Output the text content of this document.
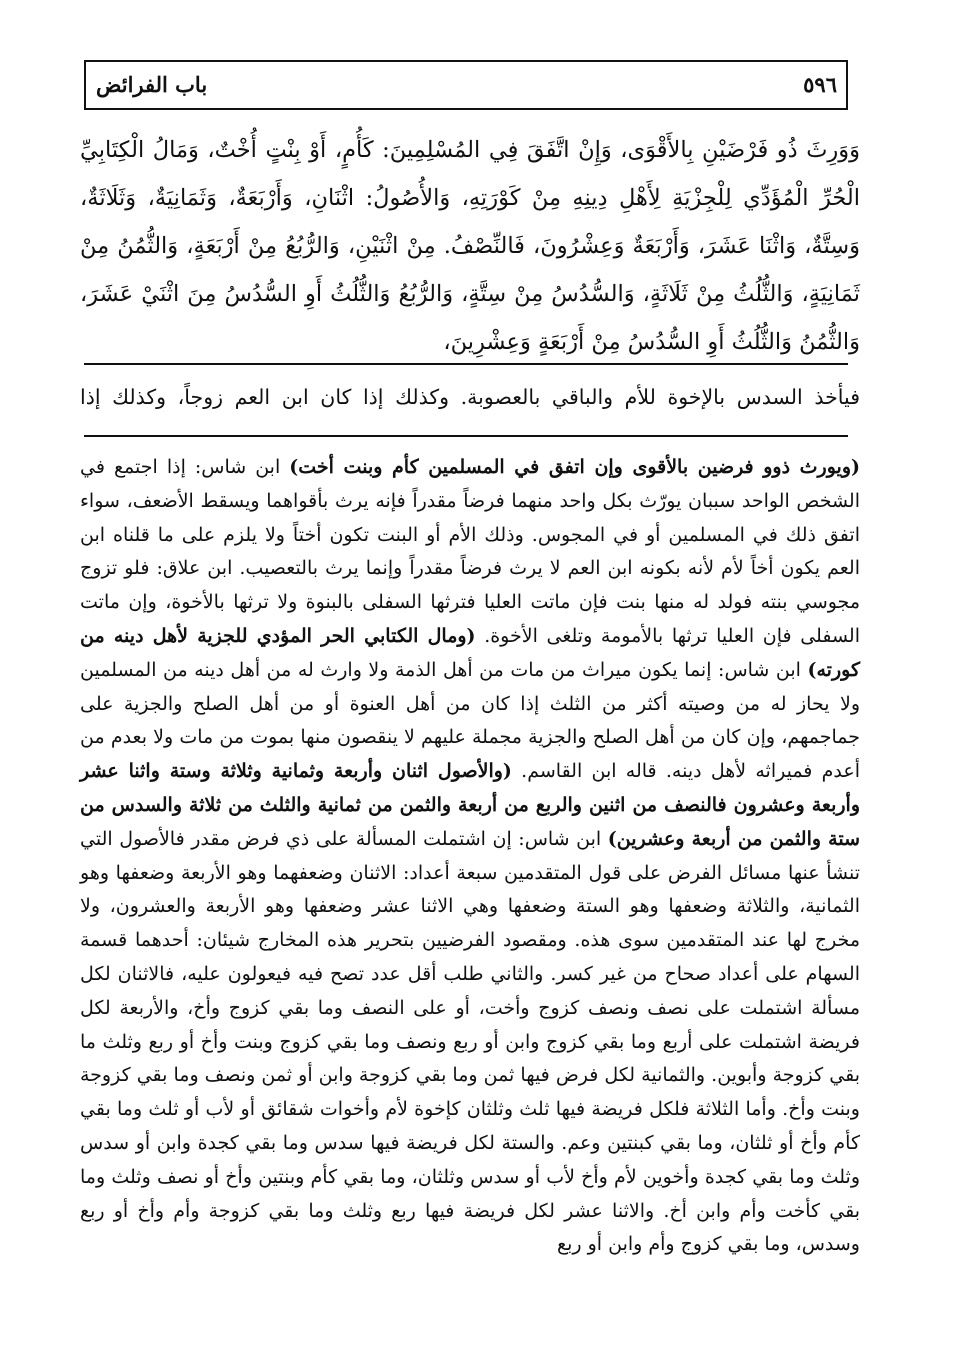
باب الفرائض	٥٩٦

وَوَرِثَ ذُو فَرْضَيْنِ بِالأَقْوَى، وَإِنْ اتَّفَقَ فِي المُسْلِمِينَ: كَأُمٍ، أَوْ بِنْتٍ أُخْتٌ، وَمَالُ الْكِتَابِيِّ الْحُرِّ الْمُؤَدِّي لِلْجِزْيَةِ لِأَهْلِ دِينِهِ مِنْ كَوْرَتِهِ، وَالأُصُولُ: اثْنَانِ، وَأَرْبَعَةٌ، وَثَمَانِيَةٌ، وَثَلَاثَةٌ، وَسِتَّةٌ، وَاثْنَا عَشَرَ، وَأَرْبَعَةٌ وَعِشْرُونَ، فَالنِّصْفُ. مِنْ اثْنَيْنِ، وَالرُّبُعُ مِنْ أَرْبَعَةٍ، وَالثُّمُنُ مِنْ ثَمَانِيَةٍ، وَالثُّلُثُ مِنْ ثَلَاثَةٍ، وَالسُّدُسُ مِنْ سِتَّةٍ، وَالرُّبُعُ وَالثُّلُثُ أَوِ السُّدُسُ مِنَ اثْنَيْ عَشَرَ، وَالثُّمُنُ وَالثُّلُثُ أَوِ السُّدُسُ مِنْ أَرْبَعَةٍ وَعِشْرِينَ،

فيأخذ السدس بالإخوة للأم والباقي بالعصوبة. وكذلك إذا كان ابن العم زوجاً، وكذلك إذا

(ويورث ذوو فرضين بالأقوى وإن اتفق في المسلمين كأم وبنت أخت) ابن شاس: إذا اجتمع في الشخص الواحد سببان يورّث بكل واحد منهما فرضاً مقدراً فإنه يرث بأقواهما ويسقط الأضعف، سواء اتفق ذلك في المسلمين أو في المجوس. وذلك الأم أو البنت تكون أختاً ولا يلزم على ما قلناه ابن العم يكون أخاً لأم لأنه بكونه ابن العم لا يرث فرضاً مقدراً وإنما يرث بالتعصيب. ابن علاق: فلو تزوج مجوسي بنته فولد له منها بنت فإن ماتت العليا فترثها السفلى بالبنوة ولا ترثها بالأخوة، وإن ماتت السفلى فإن العليا ترثها بالأمومة وتلغى الأخوة. (ومال الكتابي الحر المؤدي للجزية لأهل دينه من كورته) ابن شاس: إنما يكون ميراث من مات من أهل الذمة ولا وارث له من أهل دينه من المسلمين ولا يحاز له من وصيته أكثر من الثلث إذا كان من أهل العنوة أو من أهل الصلح والجزية على جماجمهم، وإن كان من أهل الصلح والجزية مجملة عليهم لا ينقصون منها بموت من مات ولا بعدم من أعدم فميراثه لأهل دينه. قاله ابن القاسم. (والأصول اثنان وأربعة وثمانية وثلاثة وستة واثنا عشر وأربعة وعشرون فالنصف من اثنين والربع من أربعة والثمن من ثمانية والثلث من ثلاثة والسدس من ستة والثمن من أربعة وعشرين) ابن شاس: إن اشتملت المسألة على ذي فرض مقدر فالأصول التي تنشأ عنها مسائل الفرض على قول المتقدمين سبعة أعداد: الاثنان وضعفهما وهو الأربعة وضعفها وهو الثمانية، والثلاثة وضعفها وهو الستة وضعفها وهي الاثنا عشر وضعفها وهو الأربعة والعشرون، ولا مخرج لها عند المتقدمين سوى هذه. ومقصود الفرضيين بتحرير هذه المخارج شيئان: أحدهما قسمة السهام على أعداد صحاح من غير كسر. والثاني طلب أقل عدد تصح فيه فيعولون عليه، فالاثنان لكل مسألة اشتملت على نصف ونصف كزوج وأخت، أو على النصف وما بقي كزوج وأخ، والأربعة لكل فريضة اشتملت على أربع وما بقي كزوج وابن أو ربع ونصف وما بقي كزوج وبنت وأخ أو ربع وثلث ما بقي كزوجة وأبوين. والثمانية لكل فرض فيها ثمن وما بقي كزوجة وابن أو ثمن ونصف وما بقي كزوجة وبنت وأخ. وأما الثلاثة فلكل فريضة فيها ثلث وثلثان كإخوة لأم وأخوات شقائق أو لأب أو ثلث وما بقي كأم وأخ أو ثلثان، وما بقي كبنتين وعم. والستة لكل فريضة فيها سدس وما بقي كجدة وابن أو سدس وثلث وما بقي كجدة وأخوين لأم وأخ لأب أو سدس وثلثان، وما بقي كأم وبنتين وأخ أو نصف وثلث وما بقي كأخت وأم وابن أخ. والاثنا عشر لكل فريضة فيها ربع وثلث وما بقي كزوجة وأم وأخ أو ربع وسدس، وما بقي كزوج وأم وابن أو ربع
